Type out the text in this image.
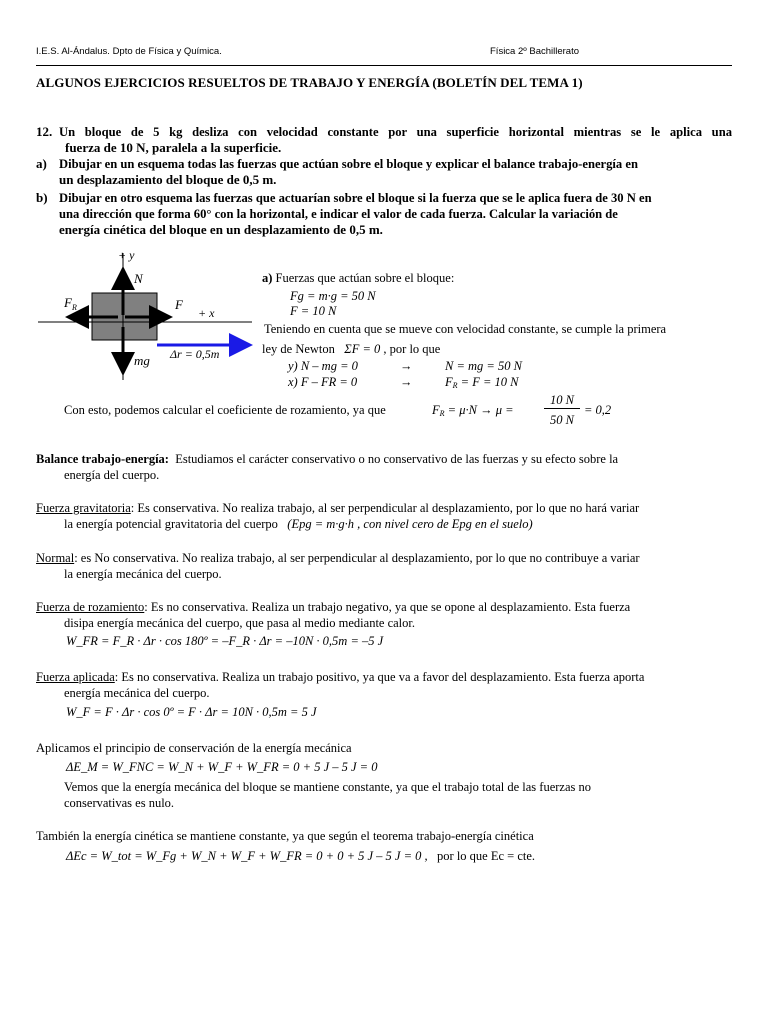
I.E.S. Al-Ándalus. Dpto de Física y Química.	Física 2º Bachillerato
ALGUNOS EJERCICIOS RESUELTOS DE TRABAJO Y ENERGÍA (BOLETÍN DEL TEMA 1)
12. Un bloque de 5 kg desliza con velocidad constante por una superficie horizontal mientras se le aplica una
fuerza de 10 N, paralela a la superficie.
a) Dibujar en un esquema todas las fuerzas que actúan sobre el bloque y explicar el balance trabajo-energía en
un desplazamiento del bloque de 0,5 m.
b) Dibujar en otro esquema las fuerzas que actuarían sobre el bloque si la fuerza que se le aplica fuera de 30 N en
una dirección que forma 60° con la horizontal, e indicar el valor de cada fuerza. Calcular la variación de
energía cinética del bloque en un desplazamiento de 0,5 m.
+ y
+ x
N
F
F R
mg Δr = 0,5m
a) Fuerzas que actúan sobre el bloque:
Fg = m·g = 50 N
F = 10 N
Teniendo en cuenta que se mueve con velocidad constante, se cumple la primera
ley de Newton ΣF = 0 , por lo que
y) N – mg = 0	→	N = mg = 50 N
x) F – FR = 0	→	$F_R = F = 10$ N
Con esto, podemos calcular el coeficiente de rozamiento, ya que	$F_R = \mu\cdot N \to \mu$ =
10 N
50 N
= 0,2
Balance trabajo-energía: Estudiamos el carácter conservativo o no conservativo de las fuerzas y su efecto sobre la
energía del cuerpo.
Fuerza gravitatoria: Es conservativa. No realiza trabajo, al ser perpendicular al desplazamiento, por lo que no hará variar
la energía potencial gravitatoria del cuerpo (Epg = m·g·h , con nivel cero de Epg en el suelo)
Normal: es No conservativa. No realiza trabajo, al ser perpendicular al desplazamiento, por lo que no contribuye a variar
la energía mecánica del cuerpo.
Fuerza de rozamiento: Es no conservativa. Realiza un trabajo negativo, ya que se opone al desplazamiento. Esta fuerza
disipa energía mecánica del cuerpo, que pasa al medio mediante calor.
W_FR = F_R · Δr · cos 180º = –F_R · Δr = –10N · 0,5m = –5 J
Fuerza aplicada: Es no conservativa. Realiza un trabajo positivo, ya que va a favor del desplazamiento. Esta fuerza aporta
energía mecánica del cuerpo.
W_F = F · Δr · cos 0º = F · Δr = 10N · 0,5m = 5 J
Aplicamos el principio de conservación de la energía mecánica
ΔE_M = W_FNC = W_N + W_F + W_FR = 0 + 5 J – 5 J = 0
Vemos que la energía mecánica del bloque se mantiene constante, ya que el trabajo total de las fuerzas no
conservativas es nulo.
También la energía cinética se mantiene constante, ya que según el teorema trabajo-energía cinética
ΔEc = W_tot = W_Fg + W_N + W_F + W_FR = 0 + 0 + 5 J – 5 J = 0 , por lo que Ec = cte.
